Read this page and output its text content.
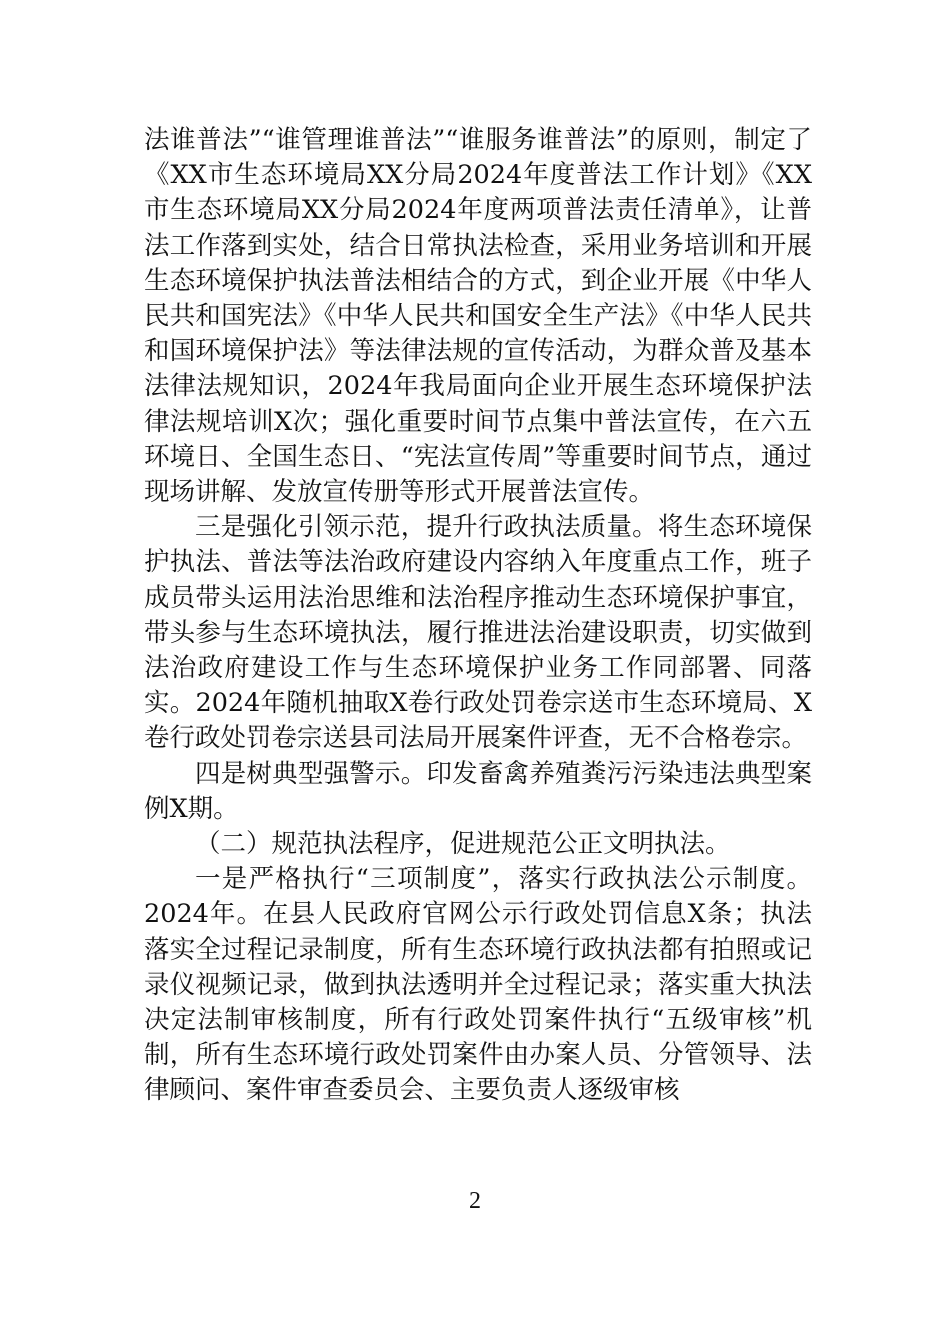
法谁普法”“谁管理谁普法”“谁服务谁普法”的原则，制定了《XX市生态环境局XX分局2024年度普法工作计划》《XX市生态环境局XX分局2024年度两项普法责任清单》，让普法工作落到实处，结合日常执法检查，采用业务培训和开展生态环境保护执法普法相结合的方式，到企业开展《中华人民共和国宪法》《中华人民共和国安全生产法》《中华人民共和国环境保护法》等法律法规的宣传活动，为群众普及基本法律法规知识，2024年我局面向企业开展生态环境保护法律法规培训X次；强化重要时间节点集中普法宣传，在六五环境日、全国生态日、“宪法宣传周”等重要时间节点，通过现场讲解、发放宣传册等形式开展普法宣传。

三是强化引领示范，提升行政执法质量。将生态环境保护执法、普法等法治政府建设内容纳入年度重点工作，班子成员带头运用法治思维和法治程序推动生态环境保护事宜，带头参与生态环境执法，履行推进法治建设职责，切实做到法治政府建设工作与生态环境保护业务工作同部署、同落实。2024年随机抽取X卷行政处罚卷宗送市生态环境局、X卷行政处罚卷宗送县司法局开展案件评查，无不合格卷宗。

四是树典型强警示。印发畜禽养殖粪污污染违法典型案例X期。

（二）规范执法程序，促进规范公正文明执法。

一是严格执行“三项制度”，落实行政执法公示制度。2024年。在县人民政府官网公示行政处罚信息X条；执法落实全过程记录制度，所有生态环境行政执法都有拍照或记录仪视频记录，做到执法透明并全过程记录；落实重大执法决定法制审核制度，所有行政处罚案件执行“五级审核”机制，所有生态环境行政处罚案件由办案人员、分管领导、法律顾问、案件审查委员会、主要负责人逐级审核

2
